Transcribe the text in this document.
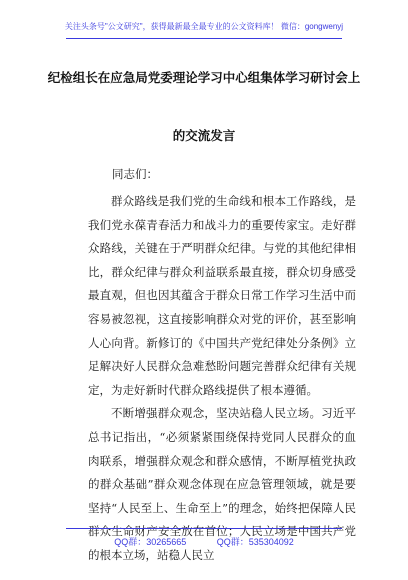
关注头条号"公文研究"，获得最新最全最专业的公文资料库！ 微信：gongwenyj
纪检组长在应急局党委理论学习中心组集体学习研讨会上
的交流发言
同志们：

群众路线是我们党的生命线和根本工作路线，是我们党永葆青春活力和战斗力的重要传家宝。走好群众路线，关键在于严明群众纪律。与党的其他纪律相比，群众纪律与群众利益联系最直接，群众切身感受最直观，但也因其蕴含于群众日常工作学习生活中而容易被忽视，这直接影响群众对党的评价，甚至影响人心向背。新修订的《中国共产党纪律处分条例》立足解决好人民群众急难愁盼问题完善群众纪律有关规定，为走好新时代群众路线提供了根本遵循。

不断增强群众观念，坚决站稳人民立场。习近平总书记指出，“必须紧紧围绕保持党同人民群众的血肉联系，增强群众观念和群众感情，不断厚植党执政的群众基础”群众观念体现在应急管理领域，就是要坚持“人民至上、生命至上”的理念，始终把保障人民群众生命财产安全放在首位；人民立场是中国共产党的根本立场，站稳人民立

QQ群：30265665	QQ群：535304092
